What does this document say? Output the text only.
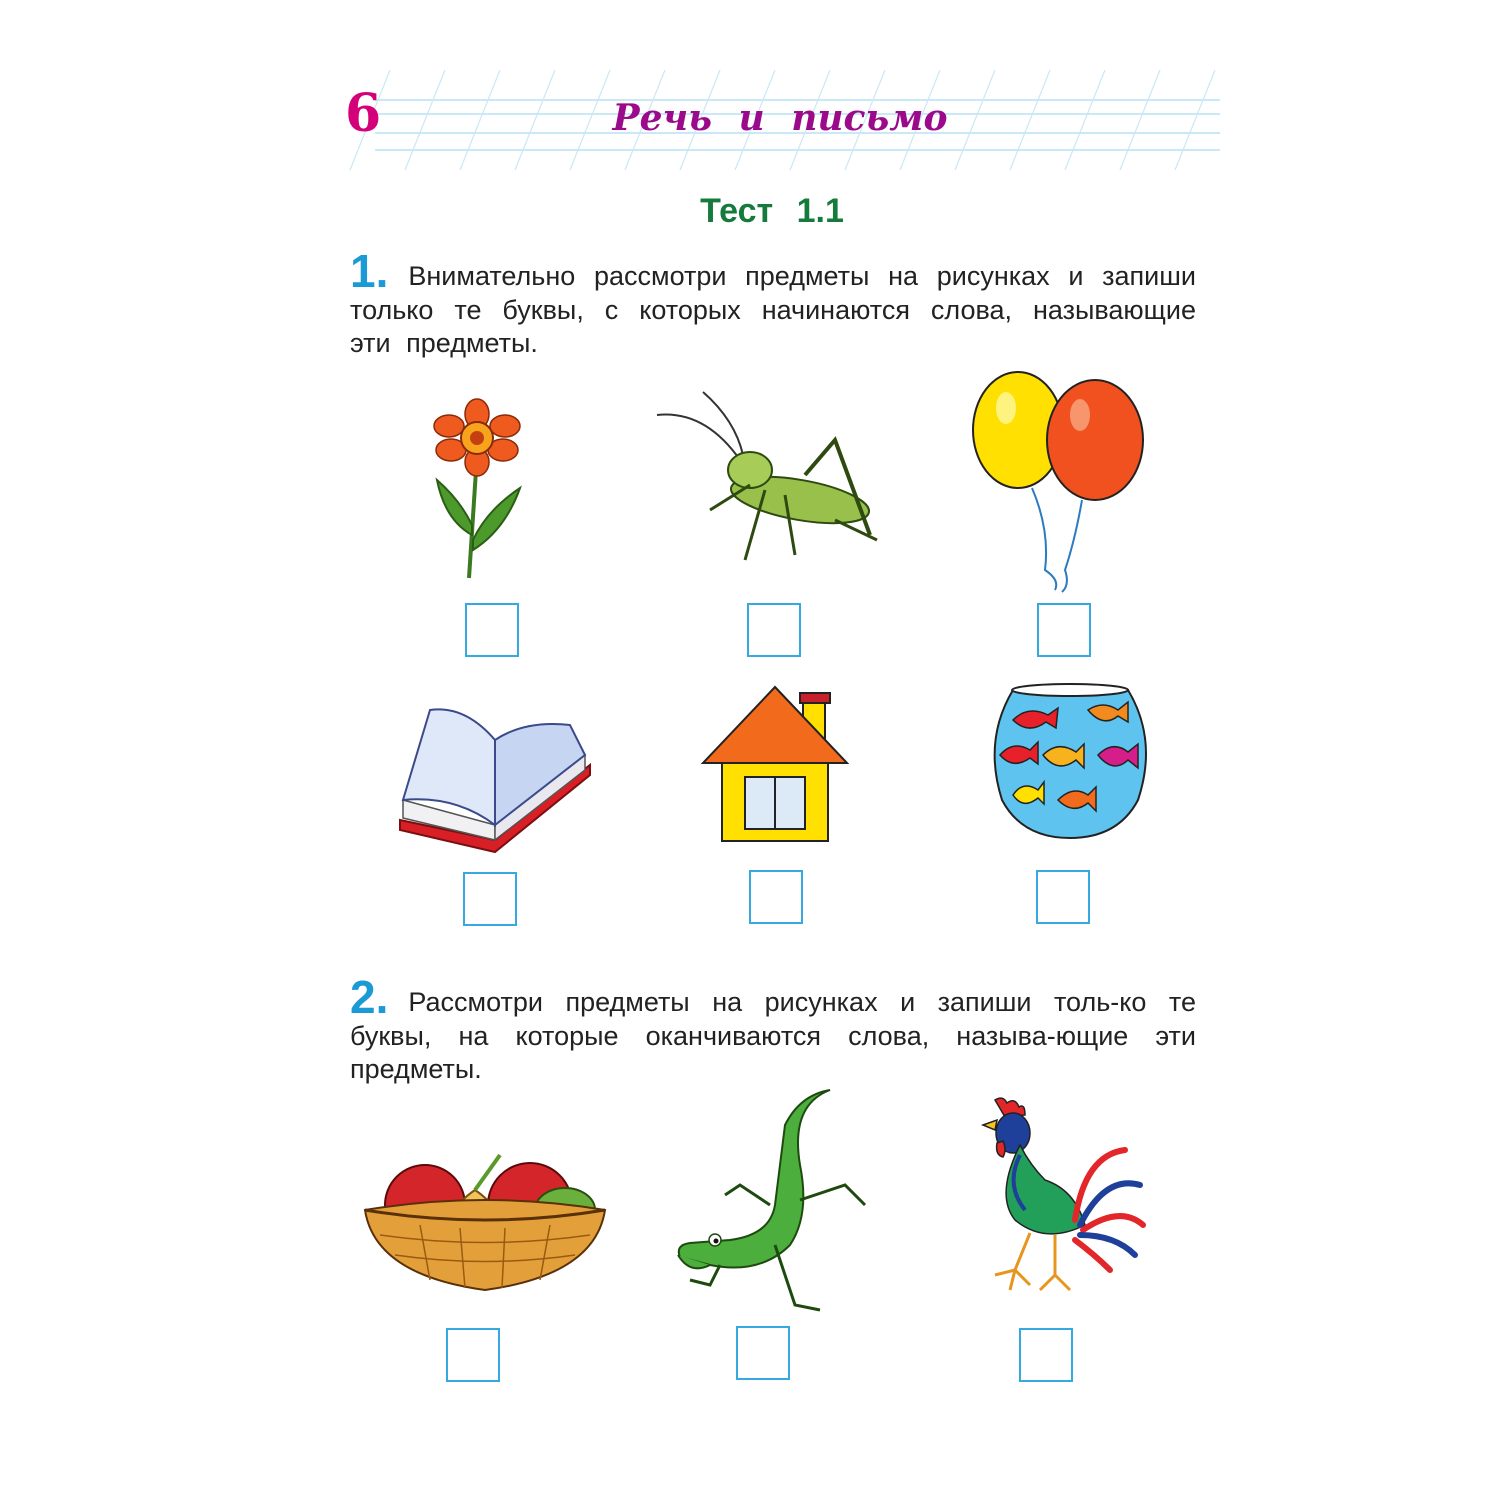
6	Речь и письмо
Тест 1.1
1. Внимательно рассмотри предметы на рисунках и запиши только те буквы, с которых начинаются слова, называющие эти предметы.
2. Рассмотри предметы на рисунках и запиши толь-ко те буквы, на которые оканчиваются слова, называ-ющие эти предметы.
